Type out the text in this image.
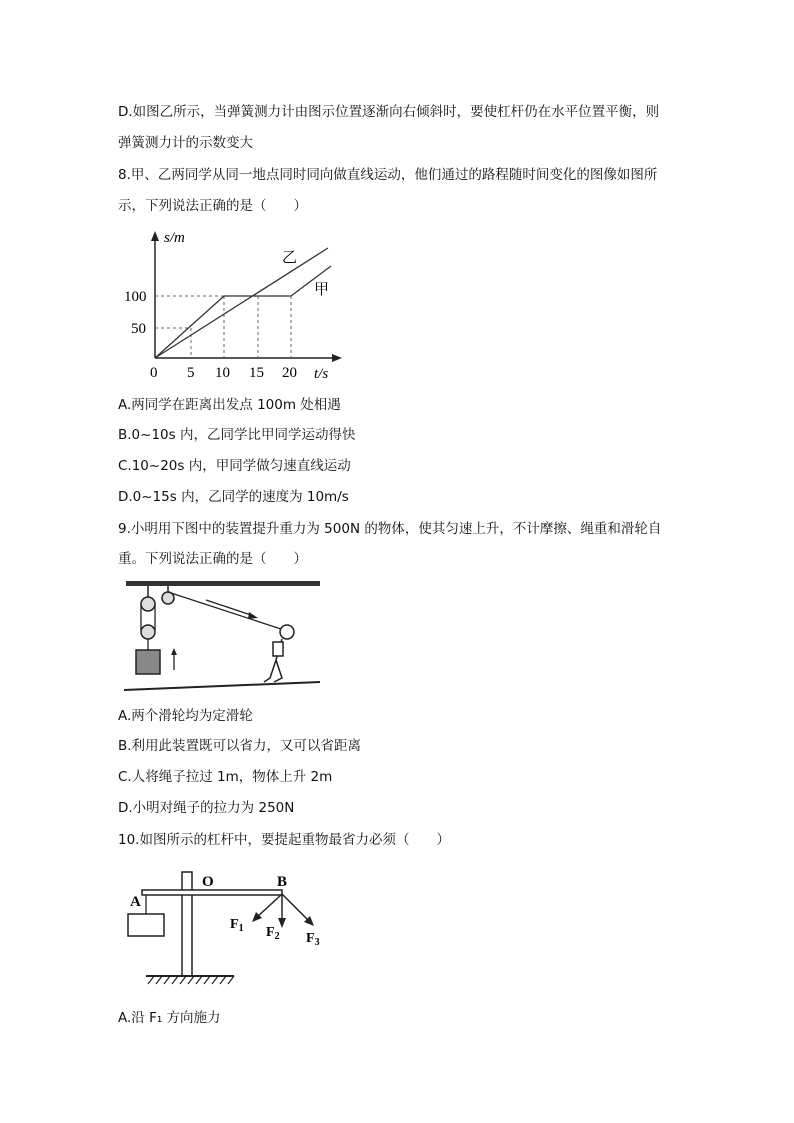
D.如图乙所示，当弹簧测力计由图示位置逐渐向右倾斜时，要使杠杆仍在水平位置平衡，则
弹簧测力计的示数变大
8.甲、乙两同学从同一地点同时同向做直线运动，他们通过的路程随时间变化的图像如图所
示，下列说法正确的是（　　）
s/m
t/s
乙
甲
0 5 10 15 20
50
100
A.两同学在距离出发点 100m 处相遇
B.0~10s 内，乙同学比甲同学运动得快
C.10~20s 内，甲同学做匀速直线运动
D.0~15s 内，乙同学的速度为 10m/s
9.小明用下图中的装置提升重力为 500N 的物体，使其匀速上升，不计摩擦、绳重和滑轮自
重。下列说法正确的是（　　）
A.两个滑轮均为定滑轮
B.利用此装置既可以省力，又可以省距离
C.人将绳子拉过 1m，物体上升 2m
D.小明对绳子的拉力为 250N
10.如图所示的杠杆中，要提起重物最省力必须（　　）
A
O	B
$F_1$ $F_2$ $F_3$
A.沿 F₁ 方向施力
